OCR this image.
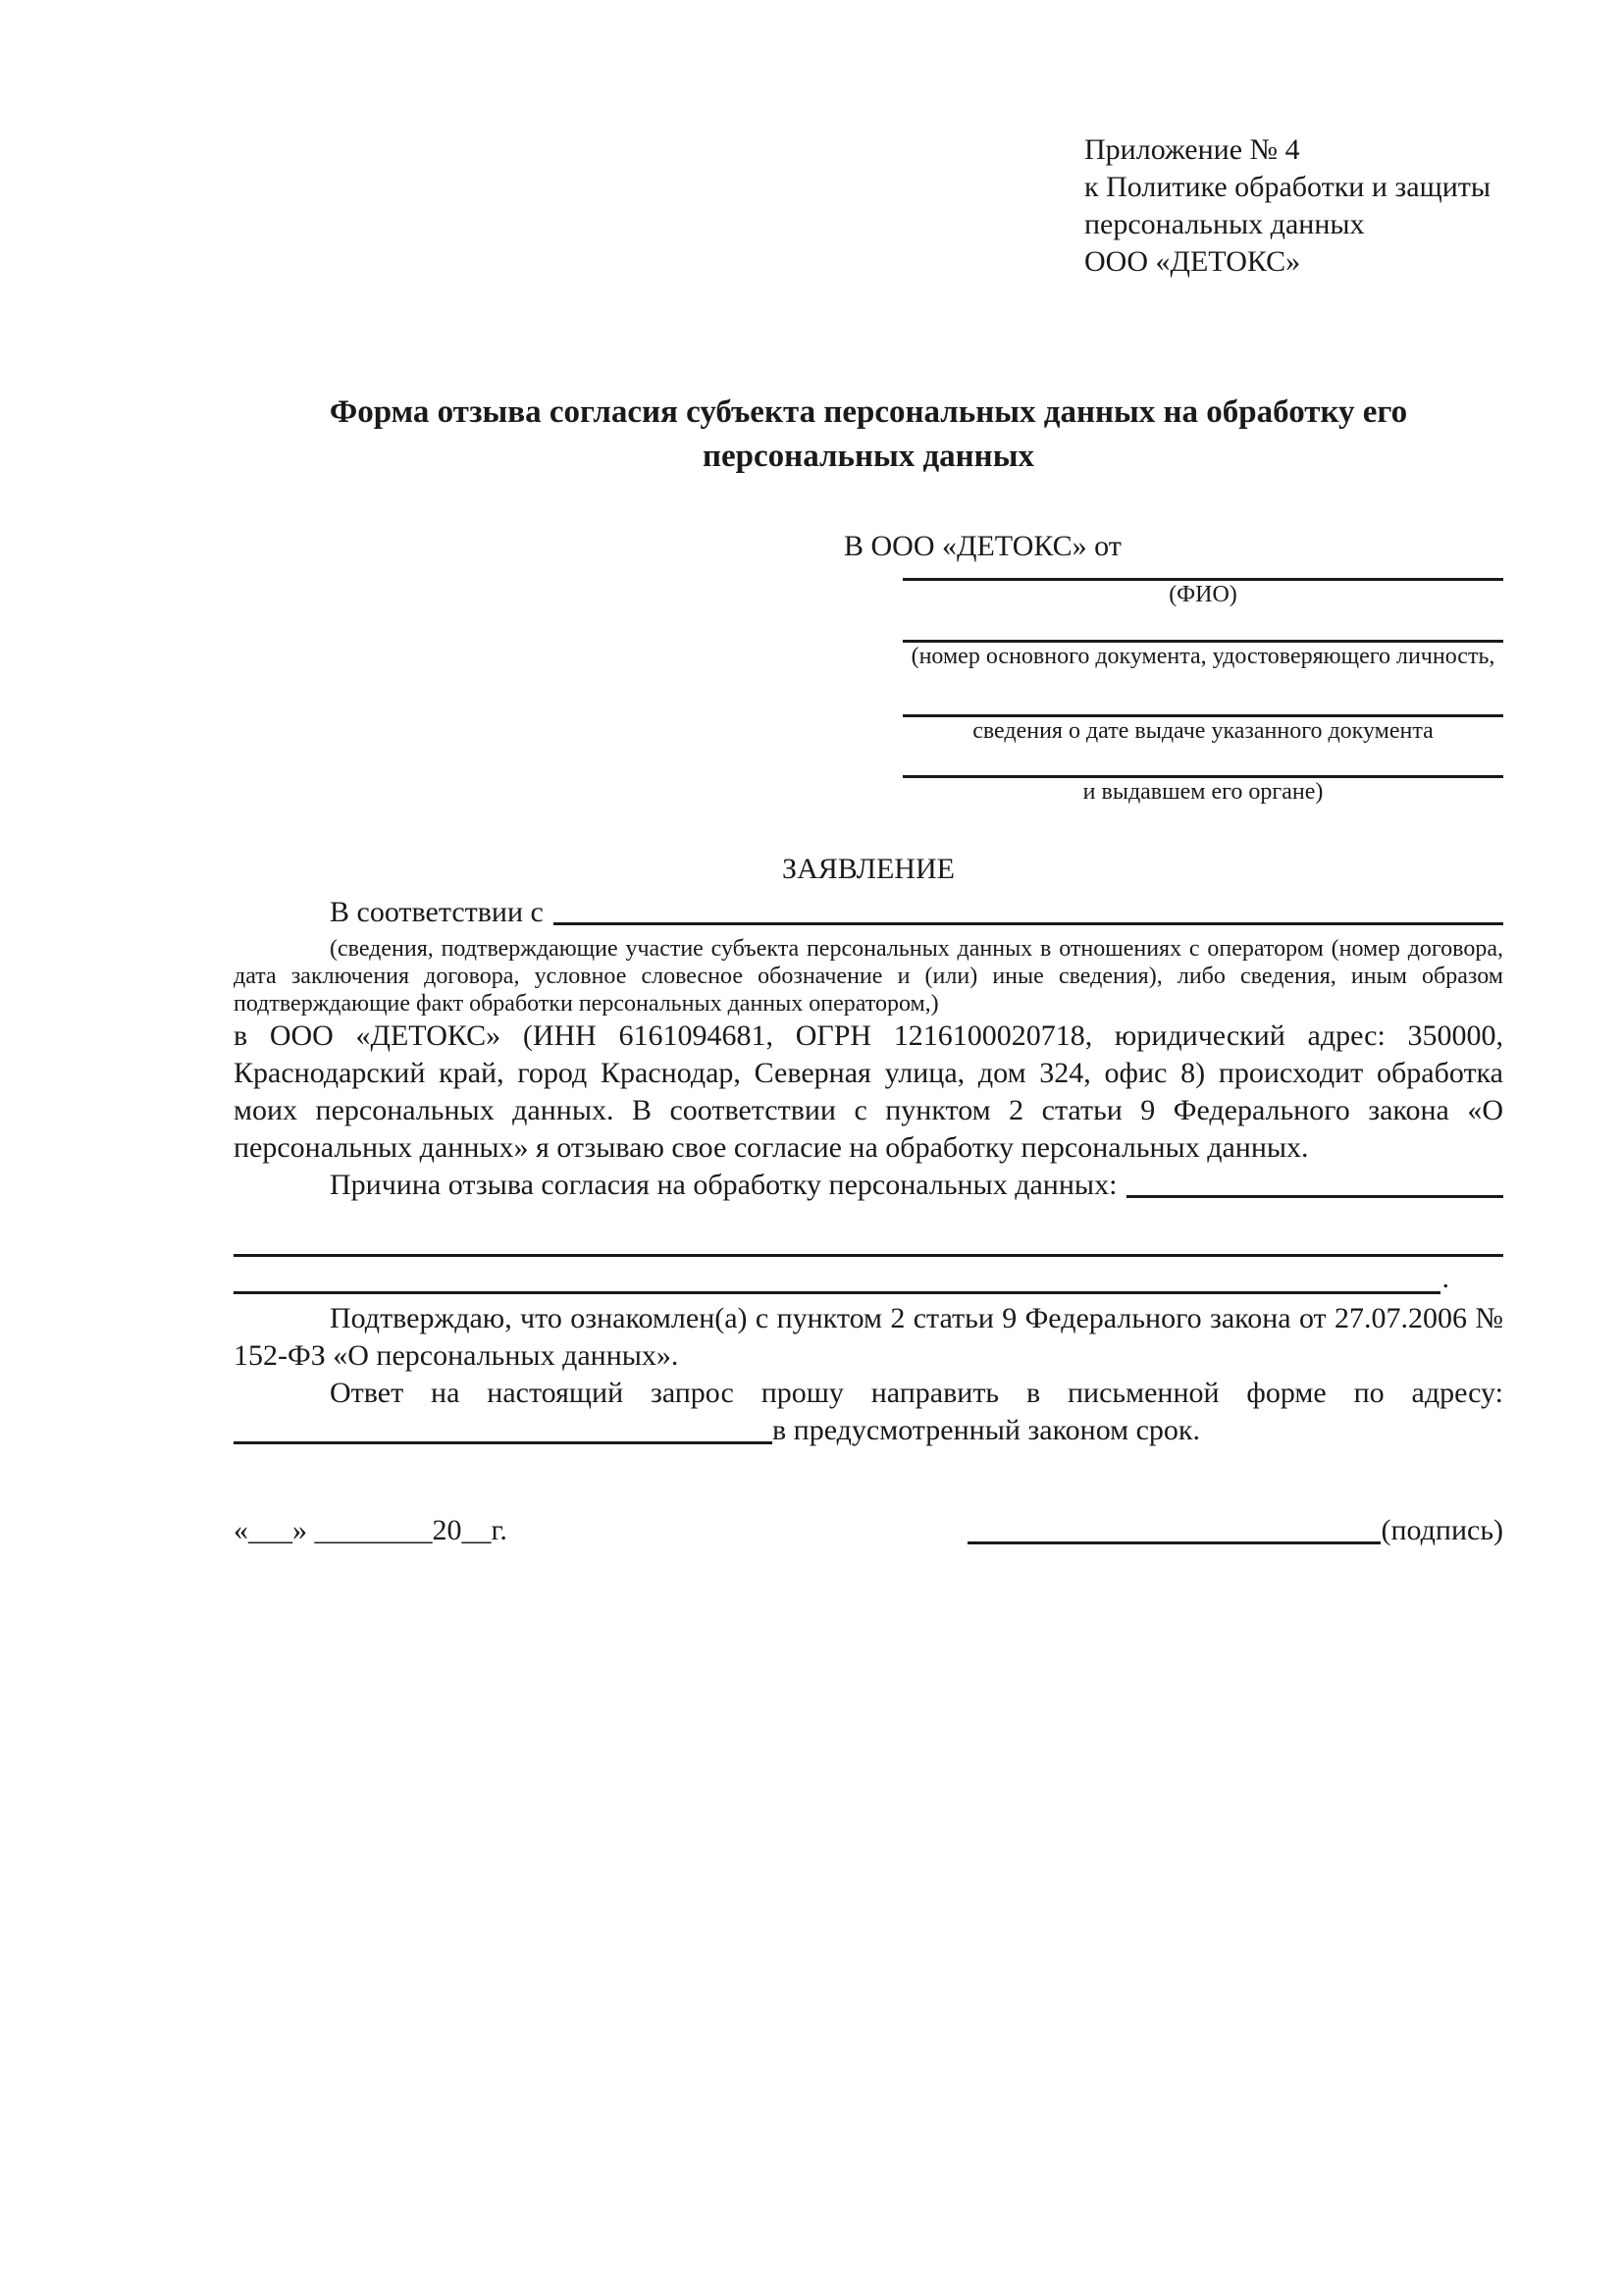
Приложение № 4
к Политике обработки и защиты
персональных данных
ООО «ДЕТОКС»
Форма отзыва согласия субъекта персональных данных на обработку его персональных данных
В ООО «ДЕТОКС» от
(ФИО)
(номер основного документа, удостоверяющего личность,
сведения о дате выдаче указанного документа
и выдавшем его органе)
ЗАЯВЛЕНИЕ
В соответствии с
(сведения, подтверждающие участие субъекта персональных данных в отношениях с оператором (номер договора, дата заключения договора, условное словесное обозначение и (или) иные сведения), либо сведения, иным образом подтверждающие факт обработки персональных данных оператором,)
в ООО «ДЕТОКС» (ИНН 6161094681, ОГРН 1216100020718, юридический адрес: 350000, Краснодарский край, город Краснодар, Северная улица, дом 324, офис 8) происходит обработка моих персональных данных. В соответствии с пунктом 2 статьи 9 Федерального закона «О персональных данных» я отзываю свое согласие на обработку персональных данных.
Причина отзыва согласия на обработку персональных данных:
.
Подтверждаю, что ознакомлен(а) с пунктом 2 статьи 9 Федерального закона от 27.07.2006 № 152-ФЗ «О персональных данных».
Ответ на настоящий запрос прошу направить в письменной форме по адресу:
в предусмотренный законом срок.
«___» ________20__г.	(подпись)
